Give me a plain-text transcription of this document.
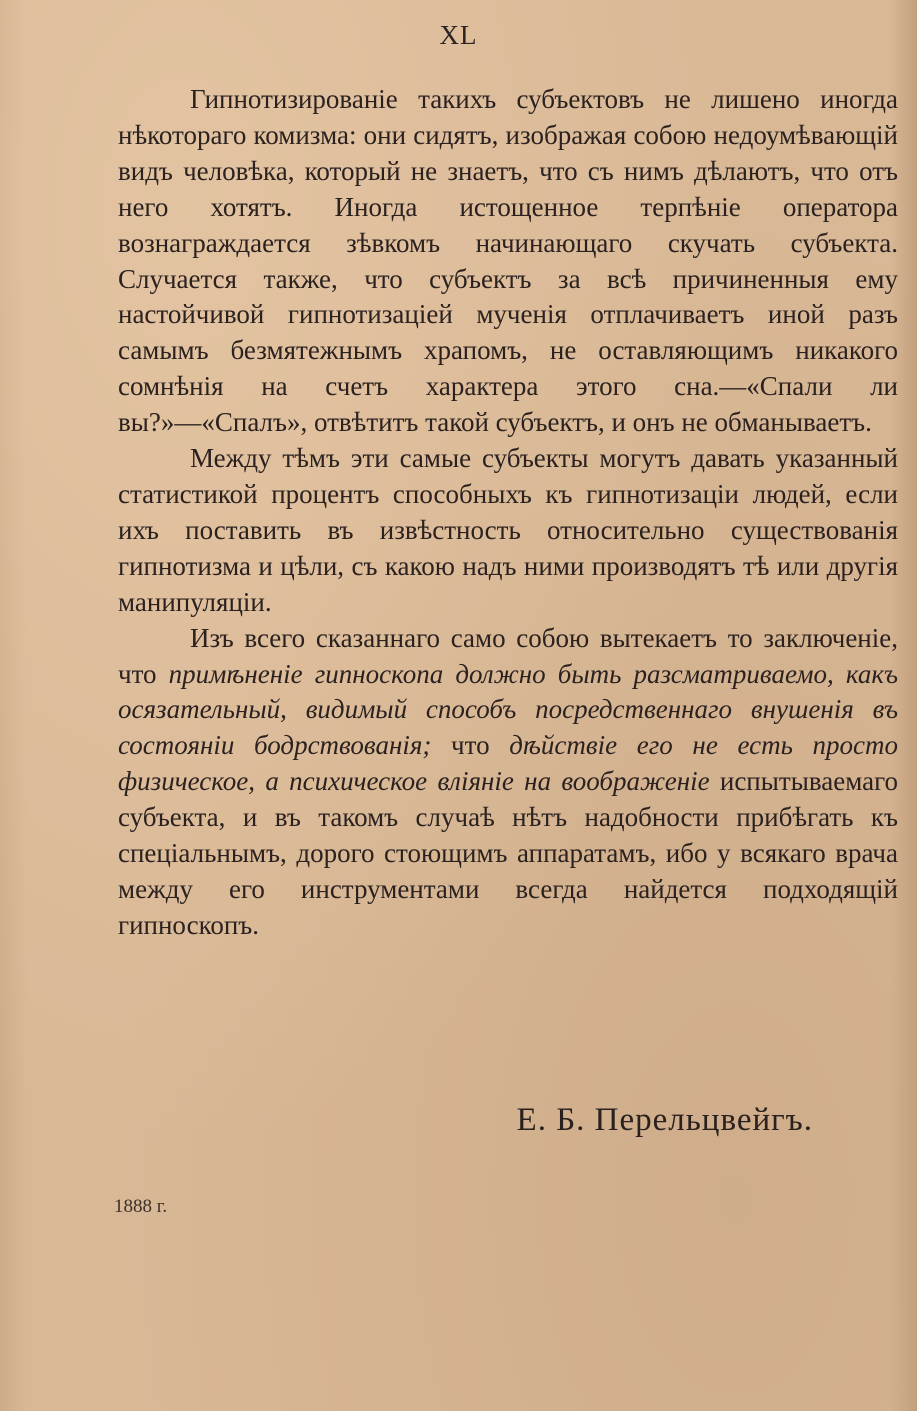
XL

Гипнотизированіе такихъ субъектовъ не лишено иногда нѣкотораго комизма: они сидятъ, изображая собою недоумѣвающій видъ человѣка, который не знаетъ, что съ нимъ дѣлаютъ, что отъ него хотятъ. Иногда истощенное терпѣніе оператора вознаграждается зѣвкомъ начинающаго скучать субъекта. Случается также, что субъектъ за всѣ причиненныя ему настойчивой гипнотизаціей мученія отплачиваетъ иной разъ самымъ безмятежнымъ храпомъ, не оставляющимъ никакого сомнѣнія на счетъ характера этого сна.—«Спали ли вы?»—«Спалъ», отвѣтитъ такой субъектъ, и онъ не обманываетъ.

Между тѣмъ эти самые субъекты могутъ давать указанный статистикой процентъ способныхъ къ гипнотизаціи людей, если ихъ поставить въ извѣстность относительно существованія гипнотизма и цѣли, съ какою надъ ними производятъ тѣ или другія манипуляціи.

Изъ всего сказаннаго само собою вытекаетъ то заключеніе, что примѣненіе гипноскопа должно быть разсматриваемо, какъ осязательный, видимый способъ посредственнаго внушенія въ состояніи бодрствованія; что дѣйствіе его не есть просто физическое, а психическое вліяніе на воображеніе испытываемаго субъекта, и въ такомъ случаѣ нѣтъ надобности прибѣгать къ спеціальнымъ, дорого стоющимъ аппаратамъ, ибо у всякаго врача между его инструментами всегда найдется подходящій гипноскопъ.

Е. Б. Перельцвейгъ.
1888 г.
